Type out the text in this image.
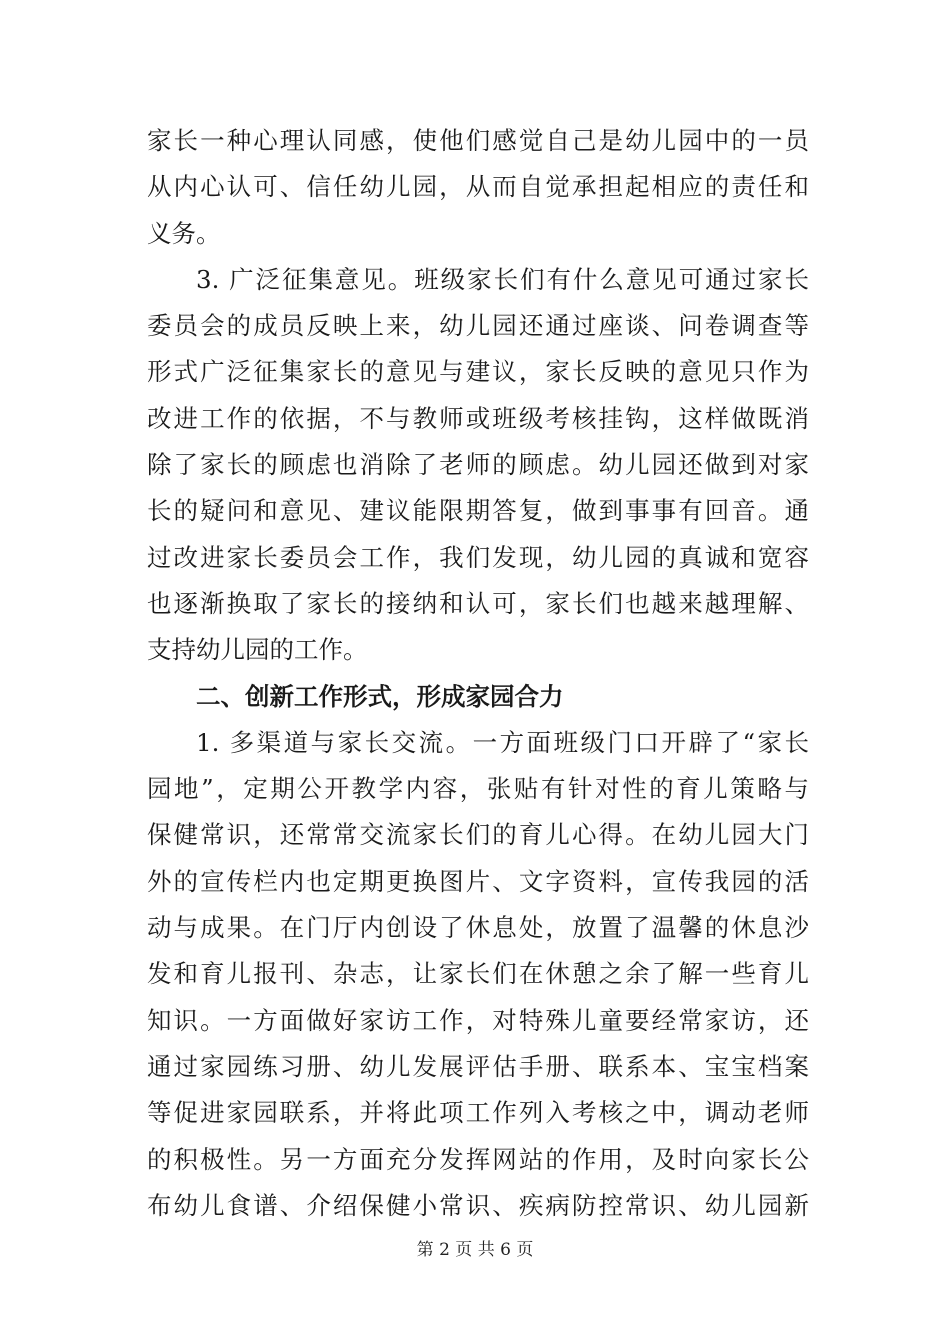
家长一种心理认同感，使他们感觉自己是幼儿园中的一员
从内心认可、信任幼儿园，从而自觉承担起相应的责任和
义务。
3. 广泛征集意见。班级家长们有什么意见可通过家长
委员会的成员反映上来，幼儿园还通过座谈、问卷调查等
形式广泛征集家长的意见与建议，家长反映的意见只作为
改进工作的依据，不与教师或班级考核挂钩，这样做既消
除了家长的顾虑也消除了老师的顾虑。幼儿园还做到对家
长的疑问和意见、建议能限期答复，做到事事有回音。通
过改进家长委员会工作，我们发现，幼儿园的真诚和宽容
也逐渐换取了家长的接纳和认可，家长们也越来越理解、
支持幼儿园的工作。
二、创新工作形式，形成家园合力
1. 多渠道与家长交流。一方面班级门口开辟了“家长
园地”，定期公开教学内容，张贴有针对性的育儿策略与
保健常识，还常常交流家长们的育儿心得。在幼儿园大门
外的宣传栏内也定期更换图片、文字资料，宣传我园的活
动与成果。在门厅内创设了休息处，放置了温馨的休息沙
发和育儿报刊、杂志，让家长们在休憩之余了解一些育儿
知识。一方面做好家访工作，对特殊儿童要经常家访，还
通过家园练习册、幼儿发展评估手册、联系本、宝宝档案
等促进家园联系，并将此项工作列入考核之中，调动老师
的积极性。另一方面充分发挥网站的作用，及时向家长公
布幼儿食谱、介绍保健小常识、疾病防控常识、幼儿园新
第 2 页 共 6 页
